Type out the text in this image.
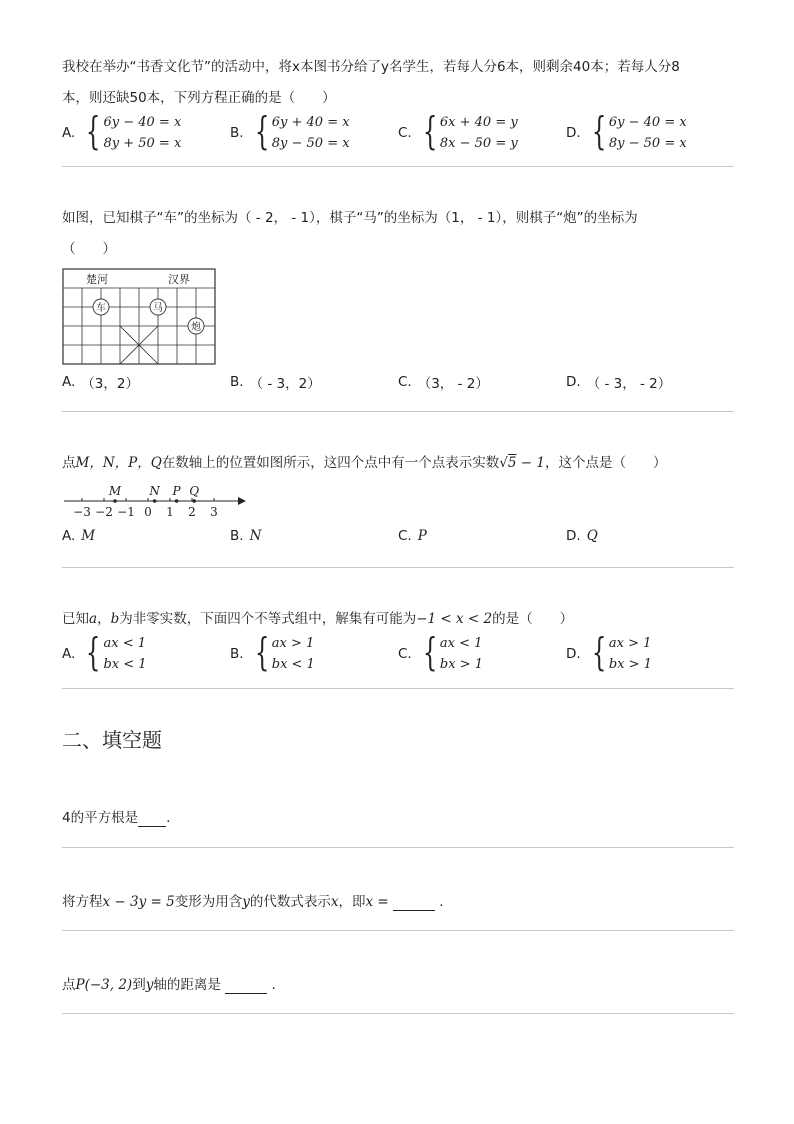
我校在举办“书香文化节”的活动中，将x本图书分给了y名学生，若每人分6本，则剩余40本；若每人分8
本，则还缺50本，下列方程正确的是（　　）
A. { 6y − 40 = x
8y + 50 = x
B. { 6y + 40 = x
8y − 50 = x
C. { 6x + 40 = y
8x − 50 = y
D. { 6y − 40 = x
8y − 50 = x
如图，已知棋子“车”的坐标为（ - 2， - 1），棋子“马”的坐标为（1， - 1），则棋子“炮”的坐标为
（　　）
楚河	汉界
车	马
炮
A. （3，2）	B. （ - 3，2）	C. （3， - 2）	D. （ - 3， - 2）
点M，N，P，Q在数轴上的位置如图所示，这四个点中有一个点表示实数√5 − 1，这个点是（　　）
−3 −2 −1 0 1 2 3
M N P Q
A. M	B. N	C. P	D. Q
已知a，b为非零实数，下面四个不等式组中，解集有可能为−1 < x < 2的是（　　）
A. { ax < 1
bx < 1
B. { ax > 1
bx < 1
C. { ax < 1
bx > 1
D. { ax > 1
bx > 1
二、填空题
4的平方根是 .
将方程x − 3y = 5变形为用含y的代数式表示x，即x =	.
点P(−3, 2)到y轴的距离是	.
